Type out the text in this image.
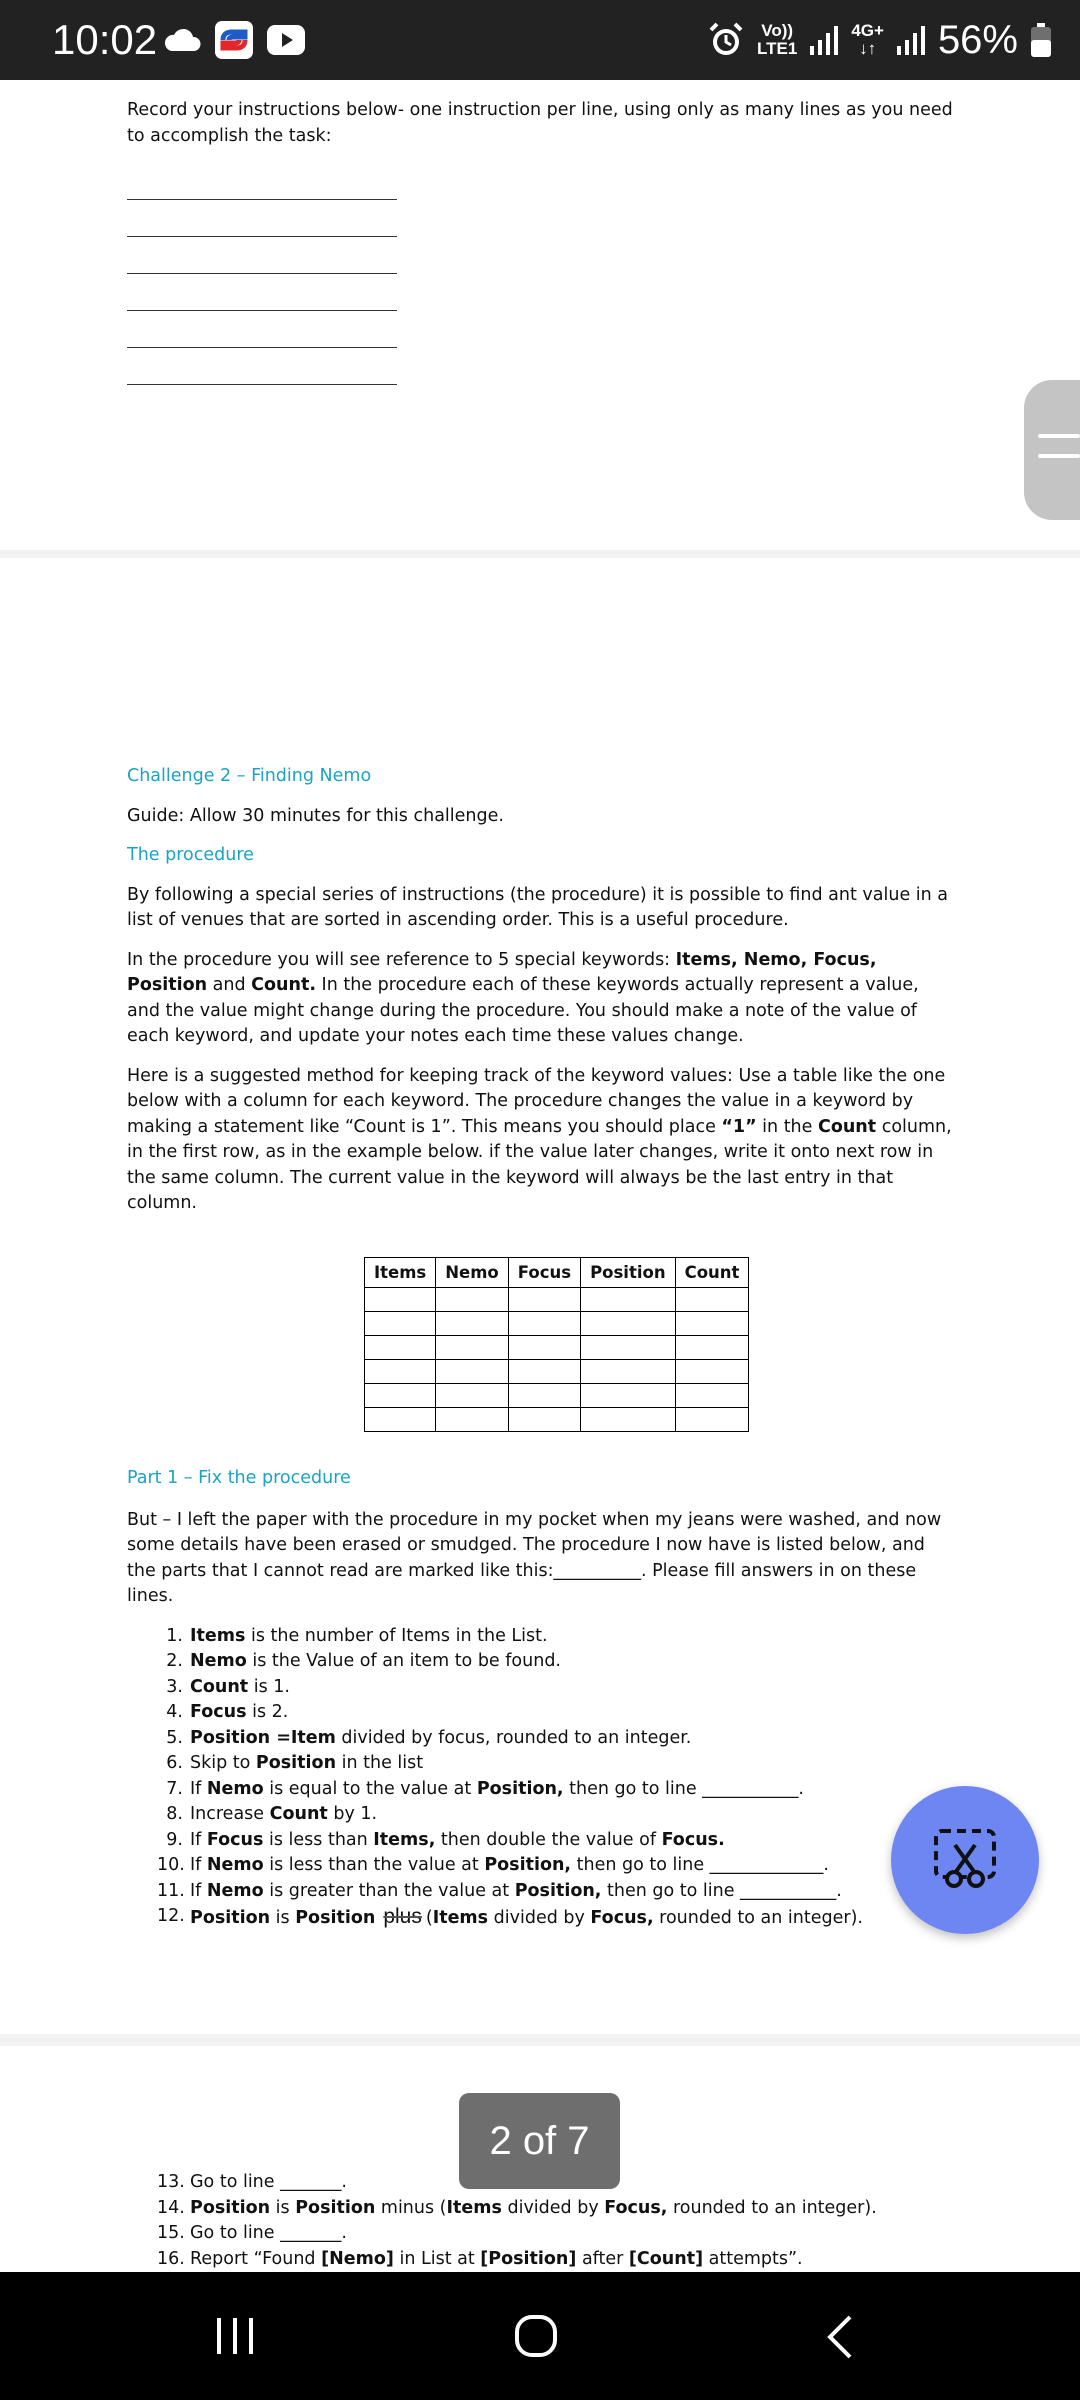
10:02	Vo))
LTE1
4G+
↓↑ 56%

Record your instructions below- one instruction per line, using only as many lines as you need to accomplish the task:

Challenge 2 – Finding Nemo

Guide: Allow 30 minutes for this challenge.

The procedure

By following a special series of instructions (the procedure) it is possible to find ant value in a list of venues that are sorted in ascending order. This is a useful procedure.

In the procedure you will see reference to 5 special keywords: Items, Nemo, Focus, Position and Count. In the procedure each of these keywords actually represent a value, and the value might change during the procedure. You should make a note of the value of each keyword, and update your notes each time these values change.

Here is a suggested method for keeping track of the keyword values: Use a table like the one below with a column for each keyword. The procedure changes the value in a keyword by making a statement like “Count is 1”. This means you should place “1” in the Count column, in the first row, as in the example below. if the value later changes, write it onto next row in the same column. The current value in the keyword will always be the last entry in that column.

Items	Nemo	Focus	Position	Count

Part 1 – Fix the procedure

But – I left the paper with the procedure in my pocket when my jeans were washed, and now some details have been erased or smudged. The procedure I now have is listed below, and the parts that I cannot read are marked like this:__________. Please fill answers in on these lines.

1. Items is the number of Items in the List.
2. Nemo is the Value of an item to be found.
3. Count is 1.
4. Focus is 2.
5. Position =Item divided by focus, rounded to an integer.
6. Skip to Position in the list
7. If Nemo is equal to the value at Position, then go to line ___________.
8. Increase Count by 1.
9. If Focus is less than Items, then double the value of Focus.
10. If Nemo is less than the value at Position, then go to line _____________.
11. If Nemo is greater than the value at Position, then go to line ___________.
12. Position is Position plus (Items divided by Focus, rounded to an integer).
13. Go to line _______.
14. Position is Position minus (Items divided by Focus, rounded to an integer).
15. Go to line _______.
16. Report “Found [Nemo] in List at [Position] after [Count] attempts”.

2 of 7
